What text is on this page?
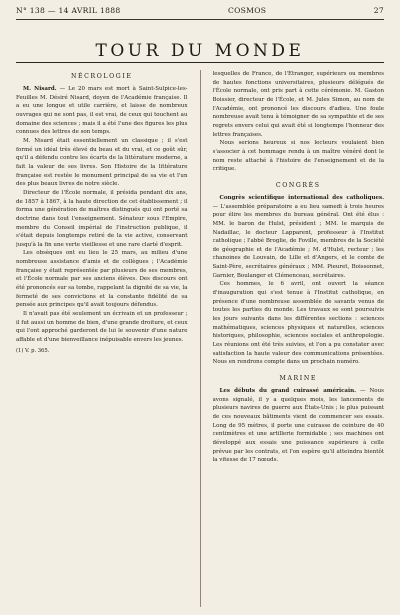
N° 138 — 14 AVRIL 1888	COSMOS	27
TOUR DU MONDE
NÉCROLOGIE

M. Nisard. — Le 20 mars est mort à Saint-Sulpice-les-Feuilles M. Désiré Nisard, doyen de l'Académie française. Il a eu une longue et utile carrière, et laisse de nombreux ouvrages qui ne sont pas, il est vrai, de ceux qui touchent au domaine des sciences ; mais il a été l'une des figures les plus connues des lettres de son temps.

M. Nisard était essentiellement un classique ; il s'est formé un idéal très élevé du beau et du vrai, et ce goût sûr, qu'il a défendu contre les écarts de la littérature moderne, a fait la valeur de ses livres. Son Histoire de la littérature française est restée le monument principal de sa vie et l'un des plus beaux livres de notre siècle.

Directeur de l'École normale, il présida pendant dix ans, de 1857 à 1867, à la haute direction de cet établissement ; il forma une génération de maîtres distingués qui ont porté sa doctrine dans tout l'enseignement. Sénateur sous l'Empire, membre du Conseil impérial de l'instruction publique, il s'était depuis longtemps retiré de la vie active, conservant jusqu'à la fin une verte vieillesse et une rare clarté d'esprit.

Les obsèques ont eu lieu le 25 mars, au milieu d'une nombreuse assistance d'amis et de collègues ; l'Académie française y était représentée par plusieurs de ses membres, et l'École normale par ses anciens élèves. Des discours ont été prononcés sur sa tombe, rappelant la dignité de sa vie, la fermeté de ses convictions et la constante fidélité de sa pensée aux principes qu'il avait toujours défendus.

Il n'avait pas été seulement un écrivain et un professeur ; il fut aussi un homme de bien, d'une grande droiture, et ceux qui l'ont approché garderont de lui le souvenir d'une nature affable et d'une bienveillance inépuisable envers les jeunes.

(1) V. p. 365.

lesquelles de France, de l'Étranger, supérieurs ou membres de hautes fonctions universitaires, plusieurs délégués de l'École normale, ont pris part à cette cérémonie. M. Gaston Boissier, directeur de l'École, et M. Jules Simon, au nom de l'Académie, ont prononcé les discours d'adieu. Une foule nombreuse avait tenu à témoigner de sa sympathie et de ses regrets envers celui qui avait été si longtemps l'honneur des lettres françaises.

Nous serions heureux si nos lecteurs voulaient bien s'associer à cet hommage rendu à un maître vénéré dont le nom reste attaché à l'histoire de l'enseignement et de la critique.

CONGRÈS

Congrès scientifique international des catholiques. — L'assemblée préparatoire a eu lieu samedi à trois heures pour élire les membres du bureau général. Ont été élus : MM. le baron de Hulst, président ; MM. le marquis de Nadaillac, le docteur Lapparent, professeur à l'Institut catholique ; l'abbé Broglie, de Foville, membres de la Société de géographie et de l'Académie ; M. d'Hulst, recteur ; les chanoines de Louvain, de Lille et d'Angers, et le comte de Saint-Père, secrétaires généraux ; MM. Pieuret, Boissonnet, Garnier, Boulanger et Clémenceau, secrétaires.

Ces hommes, le 6 avril, ont ouvert la séance d'inauguration qui s'est tenue à l'Institut catholique, en présence d'une nombreuse assemblée de savants venus de toutes les parties du monde. Les travaux se sont poursuivis les jours suivants dans les différentes sections : sciences mathématiques, sciences physiques et naturelles, sciences historiques, philosophie, sciences sociales et anthropologie. Les réunions ont été très suivies, et l'on a pu constater avec satisfaction la haute valeur des communications présentées. Nous en rendrons compte dans un prochain numéro.

MARINE

Les débuts du grand cuirassé américain. — Nous avons signalé, il y a quelques mois, les lancements de plusieurs navires de guerre aux États-Unis ; le plus puissant de ces nouveaux bâtiments vient de commencer ses essais. Long de 95 mètres, il porte une cuirasse de ceinture de 40 centimètres et une artillerie formidable ; ses machines ont développé aux essais une puissance supérieure à celle prévue par les contrats, et l'on espère qu'il atteindra bientôt la vitesse de 17 nœuds.
